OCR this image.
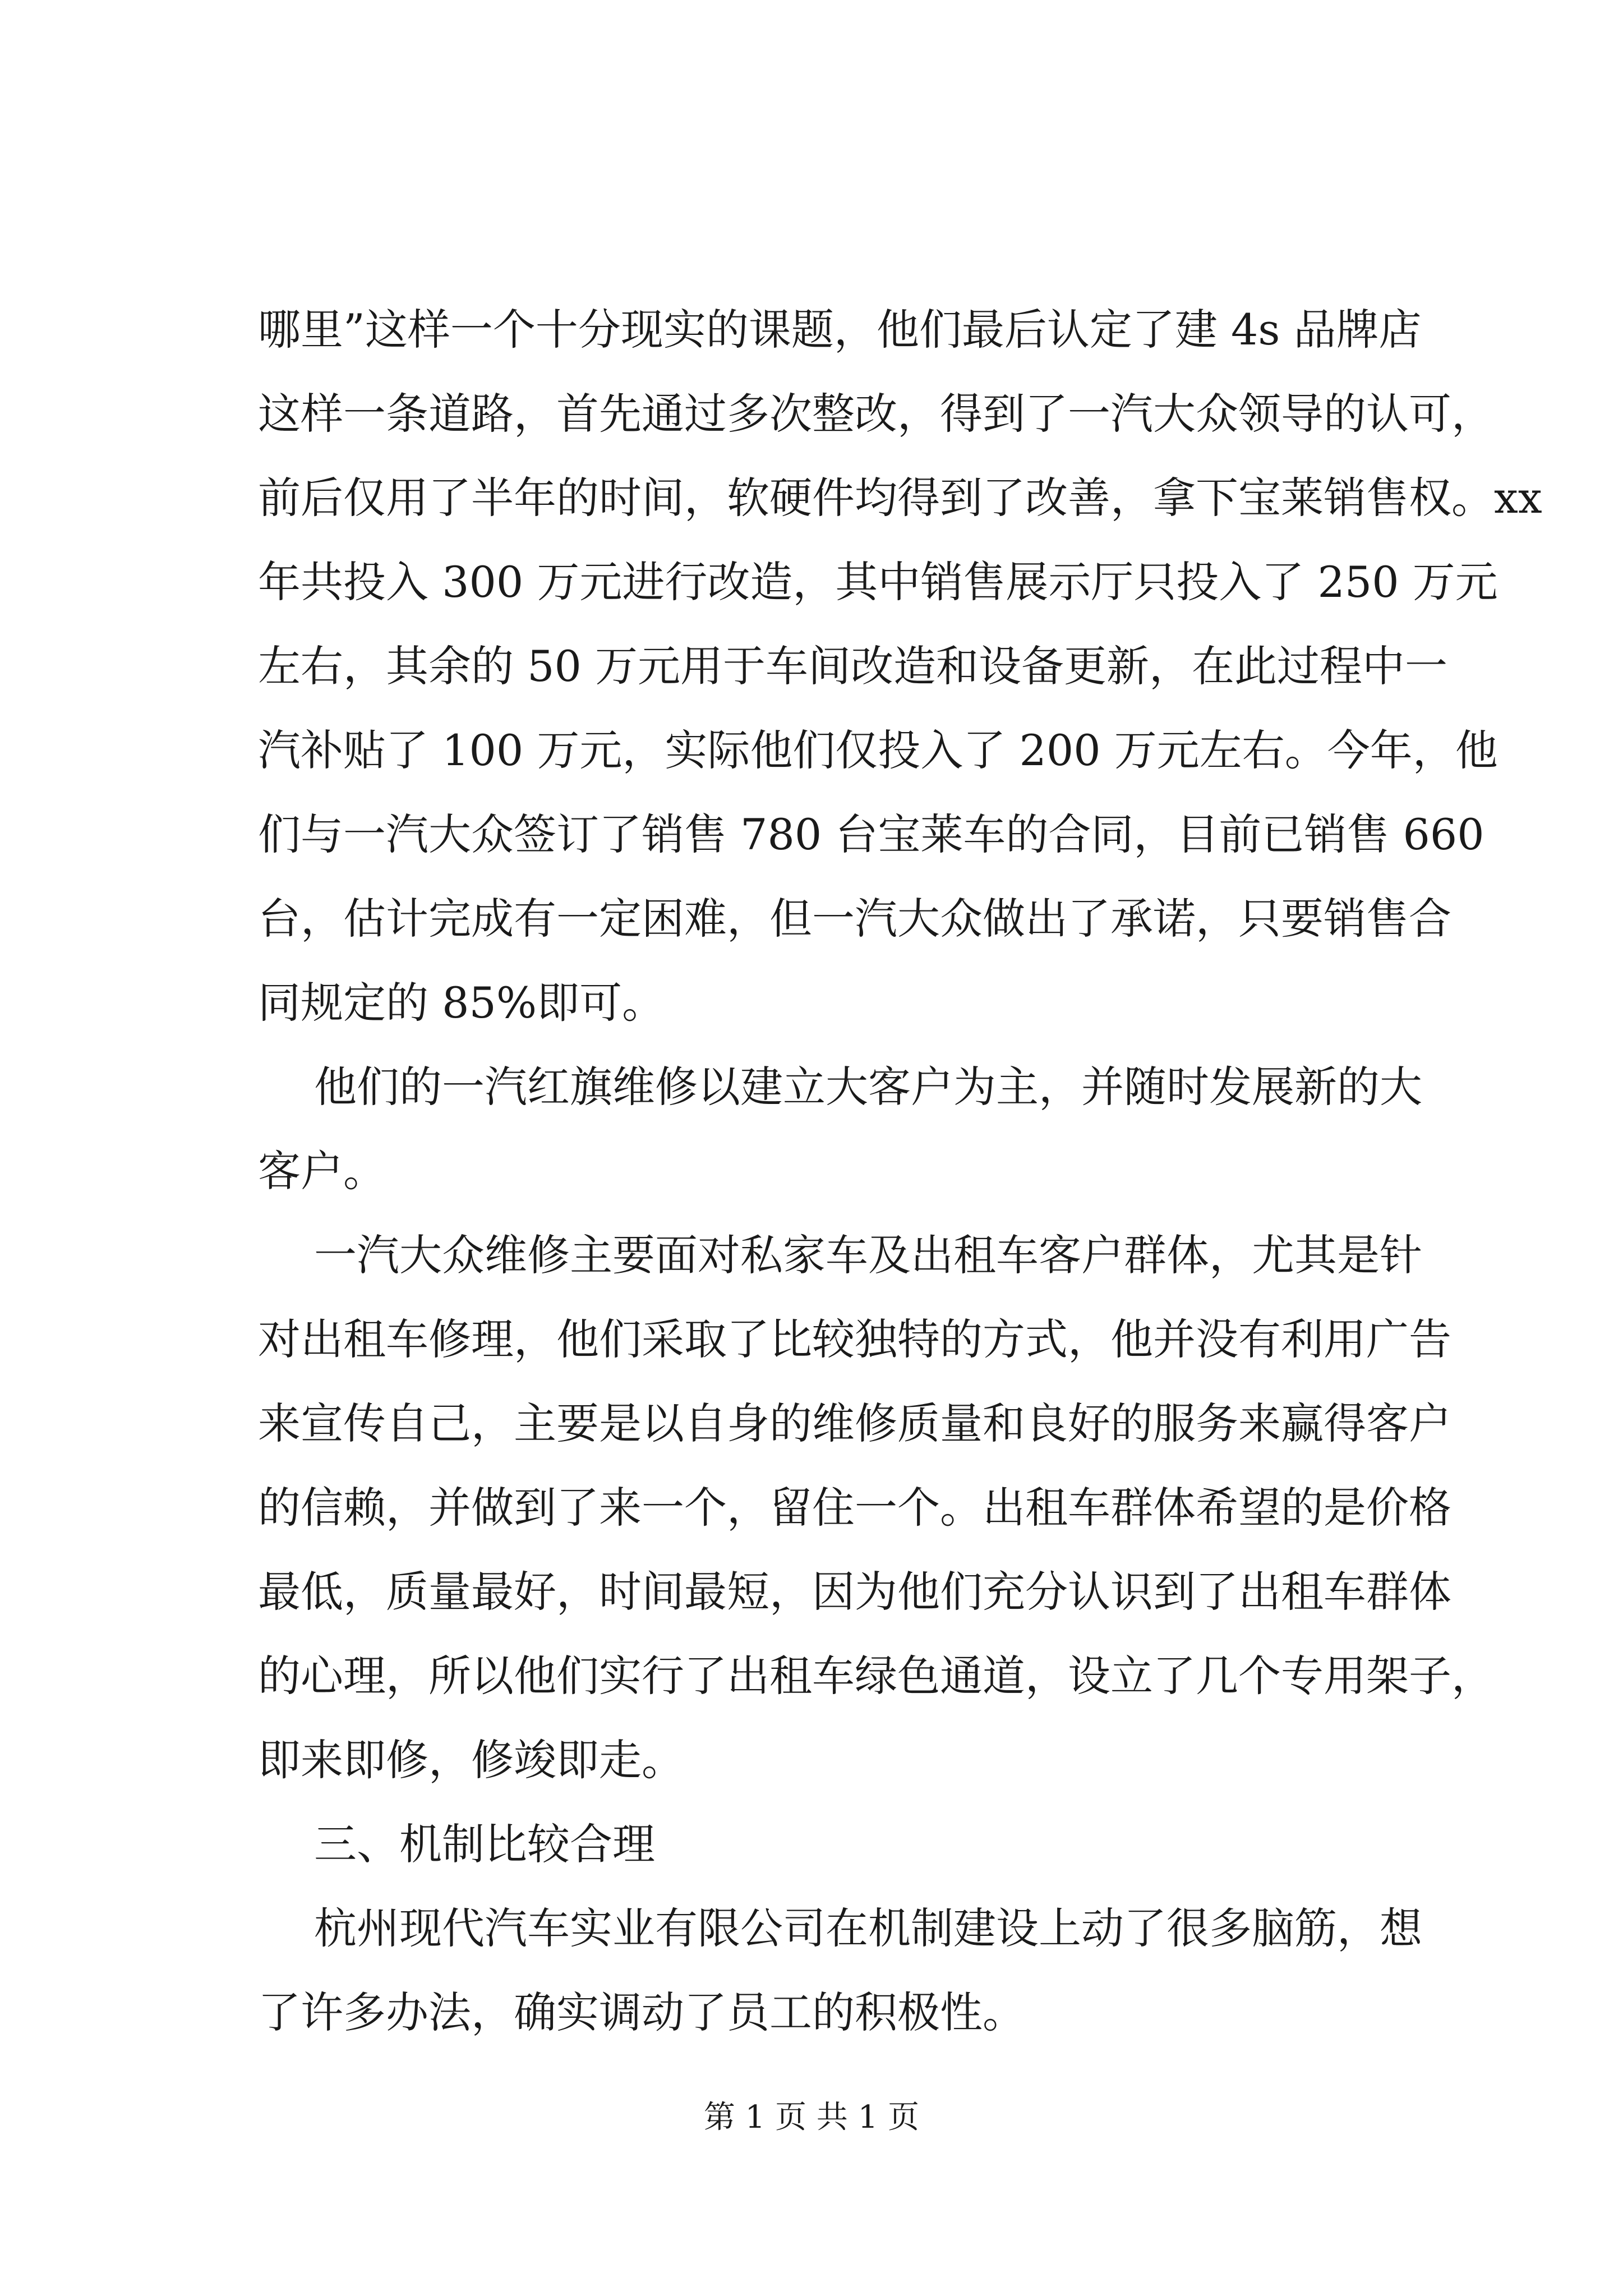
哪里”这样一个十分现实的课题，他们最后认定了建 4s 品牌店
这样一条道路，首先通过多次整改，得到了一汽大众领导的认可，
前后仅用了半年的时间，软硬件均得到了改善，拿下宝莱销售权。xx
年共投入 300 万元进行改造，其中销售展示厅只投入了 250 万元
左右，其余的 50 万元用于车间改造和设备更新，在此过程中一
汽补贴了 100 万元，实际他们仅投入了 200 万元左右。今年，他
们与一汽大众签订了销售 780 台宝莱车的合同，目前已销售 660
台，估计完成有一定困难，但一汽大众做出了承诺，只要销售合
同规定的 85%即可。
他们的一汽红旗维修以建立大客户为主，并随时发展新的大
客户。
一汽大众维修主要面对私家车及出租车客户群体，尤其是针
对出租车修理，他们采取了比较独特的方式，他并没有利用广告
来宣传自己，主要是以自身的维修质量和良好的服务来赢得客户
的信赖，并做到了来一个，留住一个。出租车群体希望的是价格
最低，质量最好，时间最短，因为他们充分认识到了出租车群体
的心理，所以他们实行了出租车绿色通道，设立了几个专用架子，
即来即修，修竣即走。
三、机制比较合理
杭州现代汽车实业有限公司在机制建设上动了很多脑筋，想
了许多办法，确实调动了员工的积极性。
第 1 页 共 1 页
